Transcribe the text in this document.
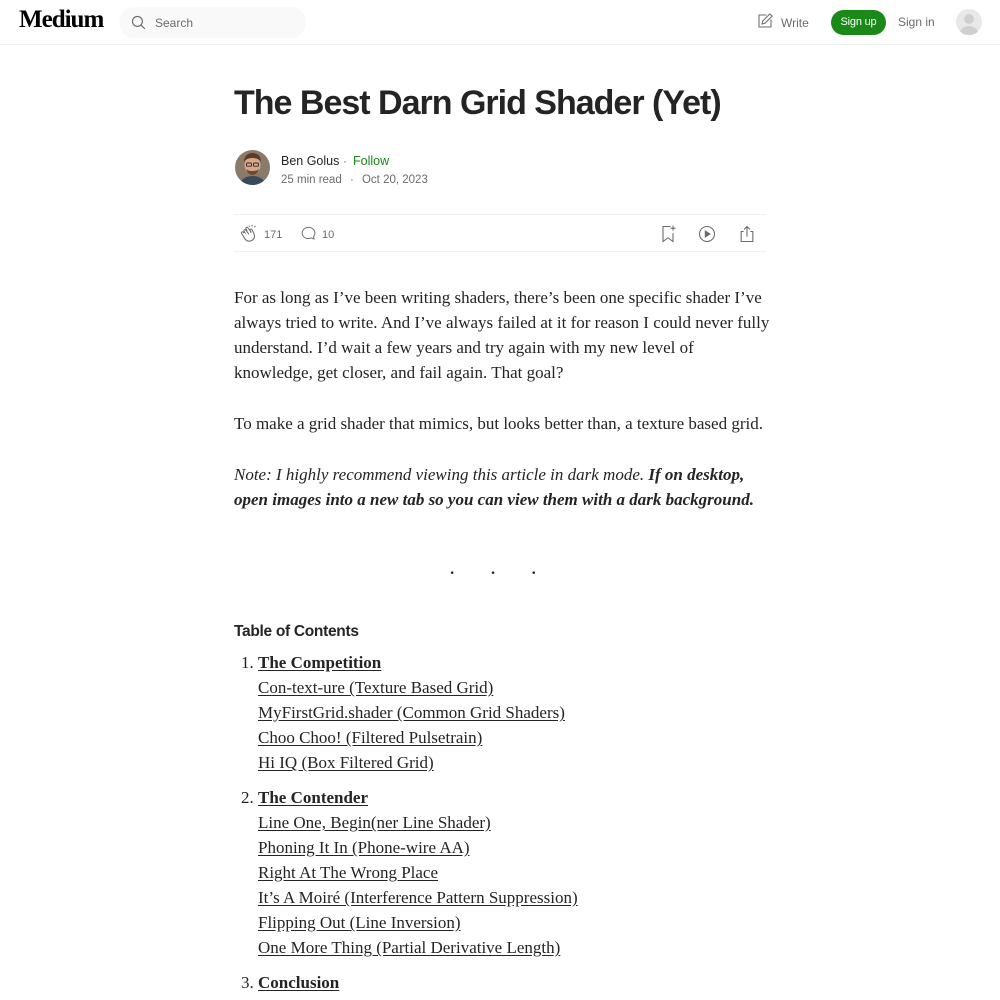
Medium
Search	Write	Sign up	Sign in
The Best Darn Grid Shader (Yet)
Ben Golus · Follow
25 min read · Oct 20, 2023
171	10

For as long as I’ve been writing shaders, there’s been one specific shader I’ve always tried to write. And I’ve always failed at it for reason I could never fully understand. I’d wait a few years and try again with my new level of knowledge, get closer, and fail again. That goal?

To make a grid shader that mimics, but looks better than, a texture based grid.

Note: I highly recommend viewing this article in dark mode. If on desktop, open images into a new tab so you can view them with a dark background.

· · ·
Table of Contents
1. The Competition
Con-text-ure (Texture Based Grid)
MyFirstGrid.shader (Common Grid Shaders)
Choo Choo! (Filtered Pulsetrain)
Hi IQ (Box Filtered Grid)
2. The Contender
Line One, Begin(ner Line Shader)
Phoning It In (Phone-wire AA)
Right At The Wrong Place
It’s A Moiré (Interference Pattern Suppression)
Flipping Out (Line Inversion)
One More Thing (Partial Derivative Length)
3. Conclusion
